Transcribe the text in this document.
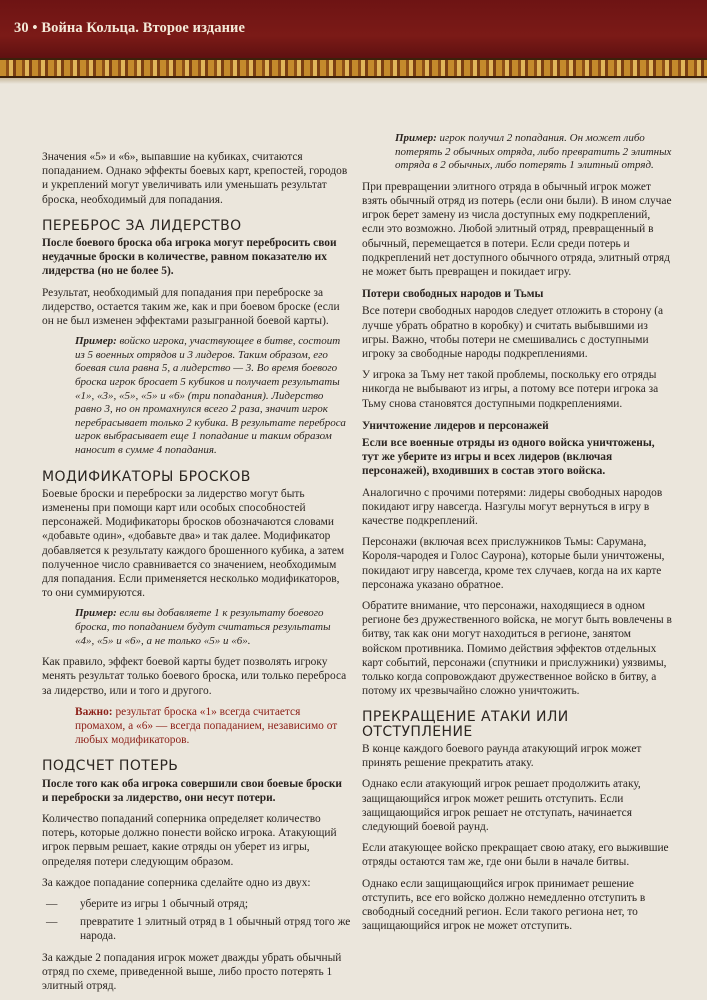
30 • Война Кольца. Второе издание

Значения «5» и «6», выпавшие на кубиках, считаются попаданием. Однако эффекты боевых карт, крепостей, городов и укреплений могут увеличивать или уменьшать результат броска, необходимый для попадания.

ПЕРЕБРОС ЗА ЛИДЕРСТВО

После боевого броска оба игрока могут перебросить свои неудачные броски в количестве, равном показателю их лидерства (но не более 5).

Результат, необходимый для попадания при переброске за лидерство, остается таким же, как и при боевом броске (если он не был изменен эффектами разыгранной боевой карты).

Пример: войско игрока, участвующее в битве, состоит из 5 военных отрядов и 3 лидеров. Таким образом, его боевая сила равна 5, а лидерство — 3. Во время боевого броска игрок бросает 5 кубиков и получает результаты «1», «3», «5», «5» и «6» (три попадания). Лидерство равно 3, но он промахнулся всего 2 раза, значит игрок перебрасывает только 2 кубика. В результате переброса игрок выбрасывает еще 1 попадание и таким образом наносит в сумме 4 попадания.

МОДИФИКАТОРЫ БРОСКОВ

Боевые броски и переброски за лидерство могут быть изменены при помощи карт или особых способностей персонажей. Модификаторы бросков обозначаются словами «добавьте один», «добавьте два» и так далее. Модификатор добавляется к результату каждого брошенного кубика, а затем полученное число сравнивается со значением, необходимым для попадания. Если применяется несколько модификаторов, то они суммируются.

Пример: если вы добавляете 1 к результату боевого броска, то попаданием будут считаться результаты «4», «5» и «6», а не только «5» и «6».

Как правило, эффект боевой карты будет позволять игроку менять результат только боевого броска, или только переброса за лидерство, или и того и другого.

Важно: результат броска «1» всегда считается промахом, а «6» — всегда попаданием, независимо от любых модификаторов.

ПОДСЧЕТ ПОТЕРЬ

После того как оба игрока совершили свои боевые броски и переброски за лидерство, они несут потери.

Количество попаданий соперника определяет количество потерь, которые должно понести войско игрока. Атакующий игрок первым решает, какие отряды он уберет из игры, определяя потери следующим образом.

За каждое попадание соперника сделайте одно из двух:

—	уберите из игры 1 обычный отряд;
—	превратите 1 элитный отряд в 1 обычный отряд того же народа.

За каждые 2 попадания игрок может дважды убрать обычный отряд по схеме, приведенной выше, либо просто потерять 1 элитный отряд.

Пример: игрок получил 2 попадания. Он может либо потерять 2 обычных отряда, либо превратить 2 элитных отряда в 2 обычных, либо потерять 1 элитный отряд.

При превращении элитного отряда в обычный игрок может взять обычный отряд из потерь (если они были). В ином случае игрок берет замену из числа доступных ему подкреплений, если это возможно. Любой элитный отряд, превращенный в обычный, перемещается в потери. Если среди потерь и подкреплений нет доступного обычного отряда, элитный отряд не может быть превращен и покидает игру.

Потери свободных народов и Тьмы

Все потери свободных народов следует отложить в сторону (а лучше убрать обратно в коробку) и считать выбывшими из игры. Важно, чтобы потери не смешивались с доступными игроку за свободные народы подкреплениями.

У игрока за Тьму нет такой проблемы, поскольку его отряды никогда не выбывают из игры, а потому все потери игрока за Тьму снова становятся доступными подкреплениями.

Уничтожение лидеров и персонажей

Если все военные отряды из одного войска уничтожены, тут же уберите из игры и всех лидеров (включая персонажей), входивших в состав этого войска.

Аналогично с прочими потерями: лидеры свободных народов покидают игру навсегда. Назгулы могут вернуться в игру в качестве подкреплений.

Персонажи (включая всех прислужников Тьмы: Сарумана, Короля-чародея и Голос Саурона), которые были уничтожены, покидают игру навсегда, кроме тех случаев, когда на их карте персонажа указано обратное.

Обратите внимание, что персонажи, находящиеся в одном регионе без дружественного войска, не могут быть вовлечены в битву, так как они могут находиться в регионе, занятом войском противника. Помимо действия эффектов отдельных карт событий, персонажи (спутники и прислужники) уязвимы, только когда сопровождают дружественное войско в битву, а потому их чрезвычайно сложно уничтожить.

ПРЕКРАЩЕНИЕ АТАКИ ИЛИ ОТСТУПЛЕНИЕ

В конце каждого боевого раунда атакующий игрок может принять решение прекратить атаку.

Однако если атакующий игрок решает продолжить атаку, защищающийся игрок может решить отступить. Если защищающийся игрок решает не отступать, начинается следующий боевой раунд.

Если атакующее войско прекращает свою атаку, его выжившие отряды остаются там же, где они были в начале битвы.

Однако если защищающийся игрок принимает решение отступить, все его войско должно немедленно отступить в свободный соседний регион. Если такого региона нет, то защищающийся игрок не может отступить.
